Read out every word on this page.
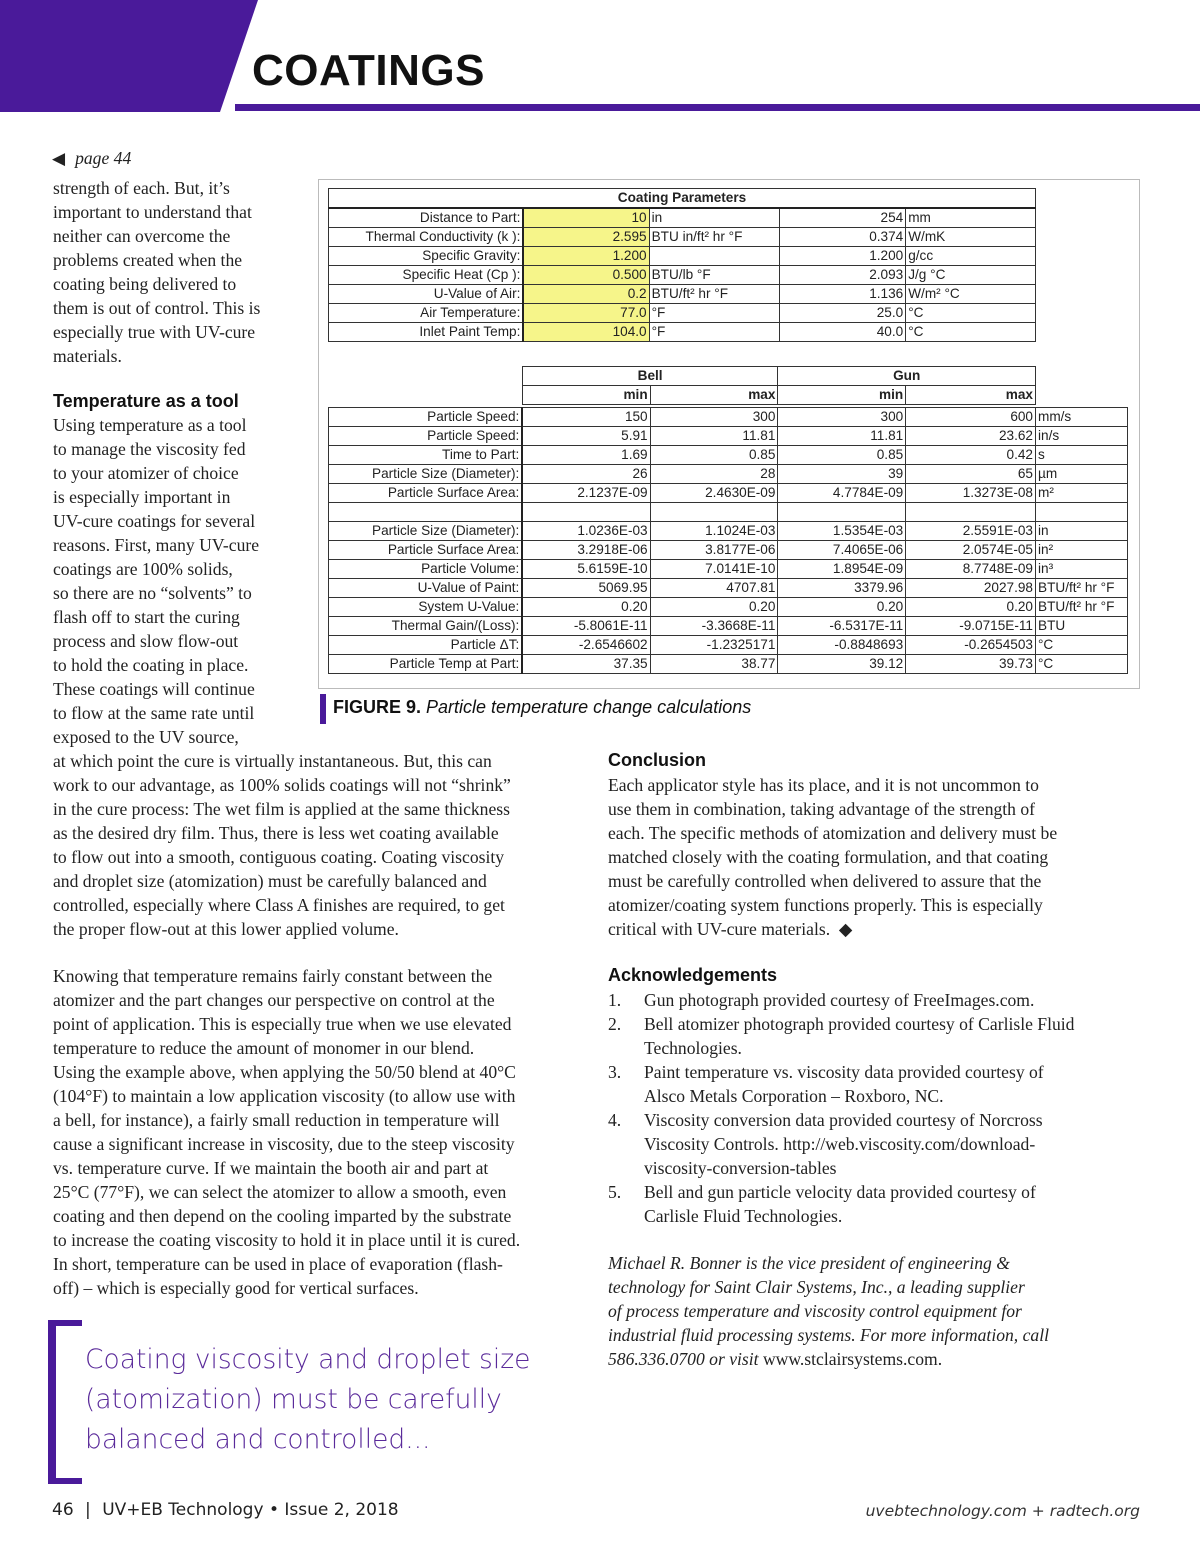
COATINGS
◀ page 44
strength of each. But, it’s
important to understand that
neither can overcome the
problems created when the
coating being delivered to
them is out of control. This is
especially true with UV-cure
materials.
Temperature as a tool
Using temperature as a tool
to manage the viscosity fed
to your atomizer of choice
is especially important in
UV-cure coatings for several
reasons. First, many UV-cure
coatings are 100% solids,
so there are no “solvents” to
flash off to start the curing
process and slow flow-out
to hold the coating in place.
These coatings will continue
to flow at the same rate until
exposed to the UV source,
at which point the cure is virtually instantaneous. But, this can
work to our advantage, as 100% solids coatings will not “shrink”
in the cure process: The wet film is applied at the same thickness
as the desired dry film. Thus, there is less wet coating available
to flow out into a smooth, contiguous coating. Coating viscosity
and droplet size (atomization) must be carefully balanced and
controlled, especially where Class A finishes are required, to get
the proper flow-out at this lower applied volume.
Knowing that temperature remains fairly constant between the
atomizer and the part changes our perspective on control at the
point of application. This is especially true when we use elevated
temperature to reduce the amount of monomer in our blend.
Using the example above, when applying the 50/50 blend at 40°C
(104°F) to maintain a low application viscosity (to allow use with
a bell, for instance), a fairly small reduction in temperature will
cause a significant increase in viscosity, due to the steep viscosity
vs. temperature curve. If we maintain the booth air and part at
25°C (77°F), we can select the atomizer to allow a smooth, even
coating and then depend on the cooling imparted by the substrate
to increase the coating viscosity to hold it in place until it is cured.
In short, temperature can be used in place of evaporation (flash-
off) – which is especially good for vertical surfaces.
Coating viscosity and droplet size
(atomization) must be carefully
balanced and controlled...
Coating Parameters				
Distance to Part:	10	in	254	mm
Thermal Conductivity (k ):	2.595	BTU in/ft² hr °F	0.374	W/mK
Specific Gravity:	1.200		1.200	g/cc
Specific Heat (Cp ):	0.500	BTU/lb °F	2.093	J/g °C
U-Value of Air:	0.2	BTU/ft² hr °F	1.136	W/m² °C
Air Temperature:	77.0	°F	25.0	°C
Inlet Paint Temp:	104.0	°F	40.0	°C
	Bell		Gun		
	min	max	min	max	

Particle Speed:	150	300	300	600	mm/s
Particle Speed:	5.91	11.81	11.81	23.62	in/s
Time to Part:	1.69	0.85	0.85	0.42	s
Particle Size (Diameter):	26	28	39	65	µm
Particle Surface Area:	2.1237E-09	2.4630E-09	4.7784E-09	1.3273E-08	m²

Particle Size (Diameter):	1.0236E-03	1.1024E-03	1.5354E-03	2.5591E-03	in
Particle Surface Area:	3.2918E-06	3.8177E-06	7.4065E-06	2.0574E-05	in²
Particle Volume:	5.6159E-10	7.0141E-10	1.8954E-09	8.7748E-09	in³
U-Value of Paint:	5069.95	4707.81	3379.96	2027.98	BTU/ft² hr °F
System U-Value:	0.20	0.20	0.20	0.20	BTU/ft² hr °F
Thermal Gain/(Loss):	-5.8061E-11	-3.3668E-11	-6.5317E-11	-9.0715E-11	BTU
Particle ΔT:	-2.6546602	-1.2325171	-0.8848693	-0.2654503	°C
Particle Temp at Part:	37.35	38.77	39.12	39.73	°C
FIGURE 9. Particle temperature change calculations
Conclusion
Each applicator style has its place, and it is not uncommon to
use them in combination, taking advantage of the strength of
each. The specific methods of atomization and delivery must be
matched closely with the coating formulation, and that coating
must be carefully controlled when delivered to assure that the
atomizer/coating system functions properly. This is especially
critical with UV-cure materials. ◆
Acknowledgements
1. Gun photograph provided courtesy of FreeImages.com.
2. Bell atomizer photograph provided courtesy of Carlisle Fluid
Technologies.
3. Paint temperature vs. viscosity data provided courtesy of
Alsco Metals Corporation – Roxboro, NC.
4. Viscosity conversion data provided courtesy of Norcross
Viscosity Controls. http://web.viscosity.com/download-
viscosity-conversion-tables
5. Bell and gun particle velocity data provided courtesy of
Carlisle Fluid Technologies.
Michael R. Bonner is the vice president of engineering &
technology for Saint Clair Systems, Inc., a leading supplier
of process temperature and viscosity control equipment for
industrial fluid processing systems. For more information, call
586.336.0700 or visit www.stclairsystems.com.
46 | UV+EB Technology • Issue 2, 2018	uvebtechnology.com + radtech.org
